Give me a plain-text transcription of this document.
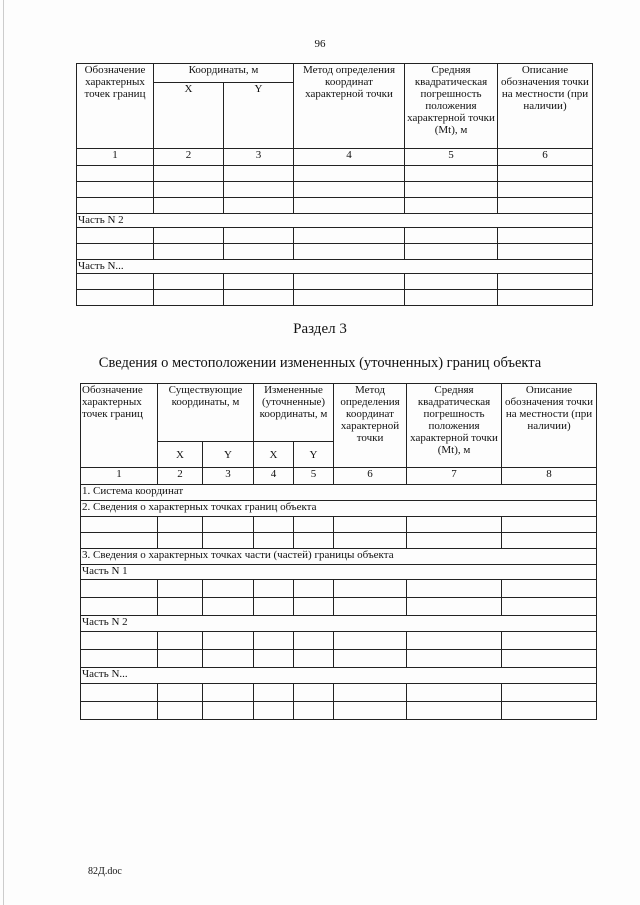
96
Обозначение характерных точек границ	Координаты, м		Метод определения координат характерной точки	Средняя квадратическая погрешность положения характерной точки (Mt), м	Описание обозначения точки на местности (при наличии)
	X	Y			
1	2	3	4	5	6

Часть N 2					

Часть N...					

Раздел 3
Сведения о местоположении измененных (уточненных) границ объекта
Обозначение характерных точек границ	Существующие координаты, м		Измененные (уточненные) координаты, м		Метод определения координат характерной точки	Средняя квадратическая погрешность положения характерной точки (Mt), м	Описание обозначения точки на местности (при наличии)
	X	Y	X	Y			
1	2	3	4	5	6	7	8
1. Система координат							
2. Сведения о характерных точках границ объекта							

3. Сведения о характерных точках части (частей) границы объекта							
Часть N 1							

Часть N 2							

Часть N...							

82Д.doc
